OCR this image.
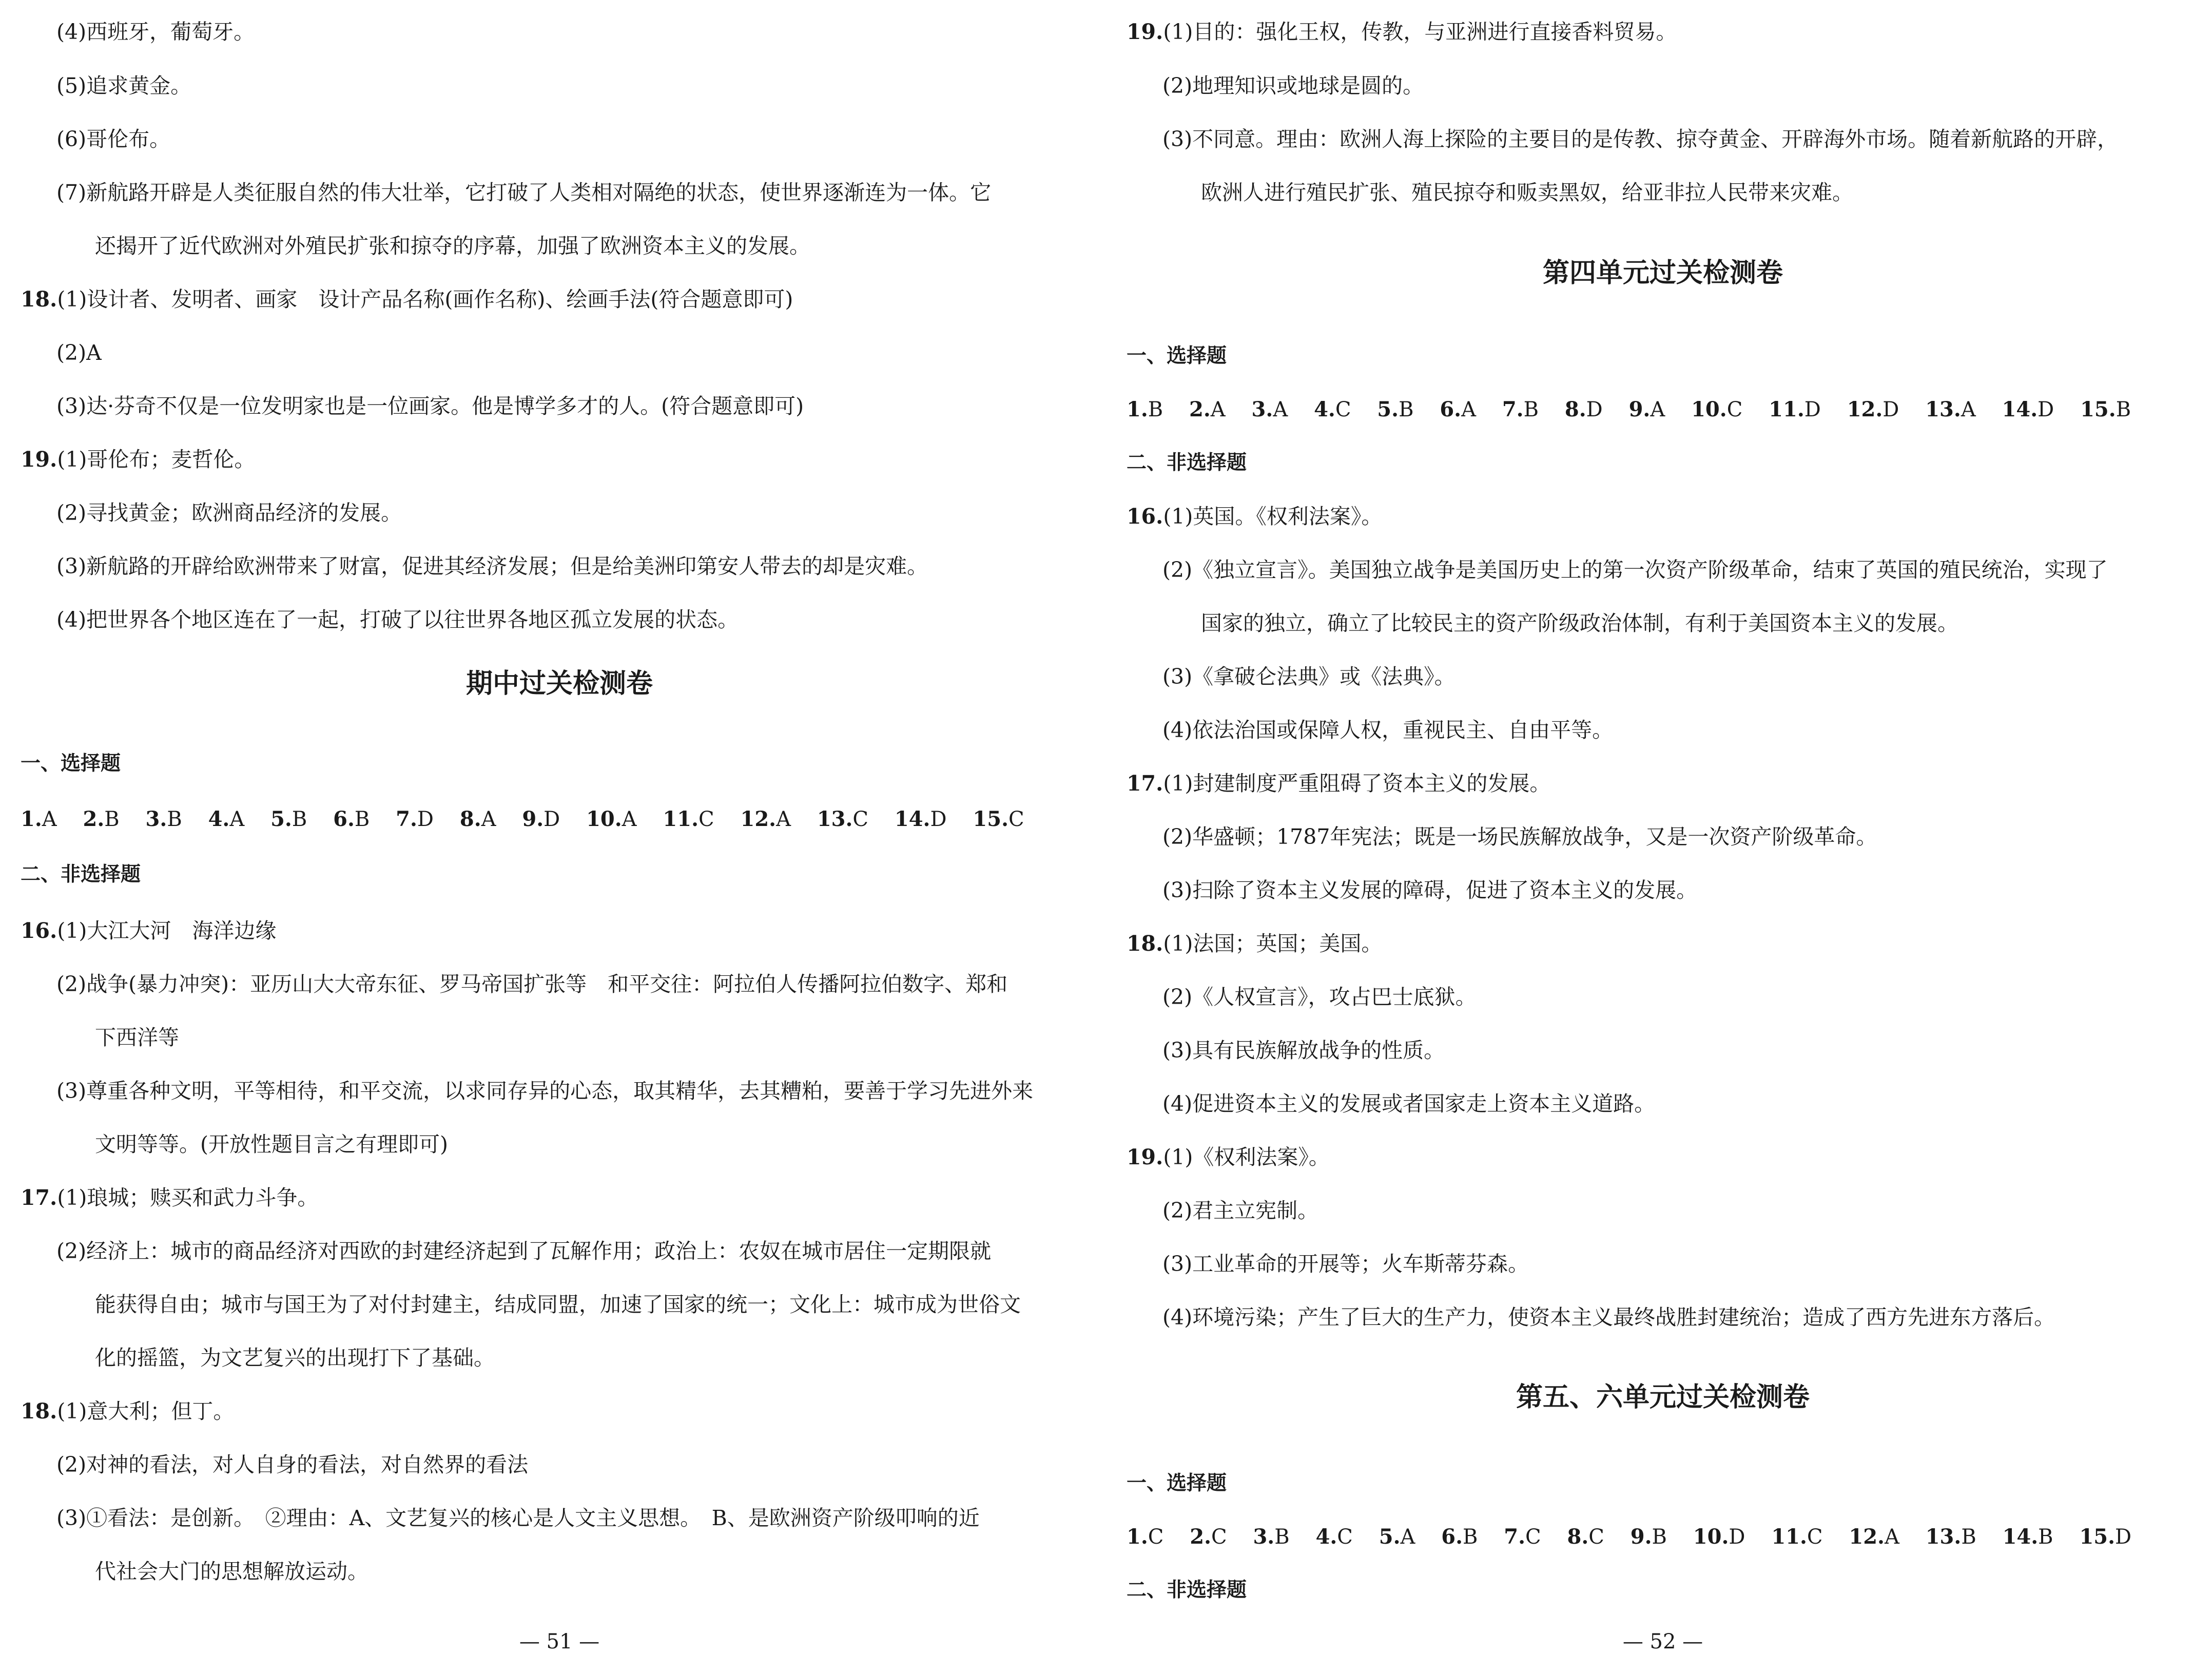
(4)西班牙，葡萄牙。
(5)追求黄金。
(6)哥伦布。
(7)新航路开辟是人类征服自然的伟大壮举，它打破了人类相对隔绝的状态，使世界逐渐连为一体。它
还揭开了近代欧洲对外殖民扩张和掠夺的序幕，加强了欧洲资本主义的发展。
18.(1)设计者、发明者、画家　设计产品名称(画作名称)、绘画手法(符合题意即可)
(2)A
(3)达·芬奇不仅是一位发明家也是一位画家。他是博学多才的人。(符合题意即可)
19.(1)哥伦布；麦哲伦。
(2)寻找黄金；欧洲商品经济的发展。
(3)新航路的开辟给欧洲带来了财富，促进其经济发展；但是给美洲印第安人带去的却是灾难。
(4)把世界各个地区连在了一起，打破了以往世界各地区孤立发展的状态。
期中过关检测卷
一、选择题
1.A 2.B 3.B 4.A 5.B 6.B 7.D 8.A 9.D 10.A 11.C 12.A 13.C 14.D 15.C
二、非选择题
16.(1)大江大河　海洋边缘
(2)战争(暴力冲突)：亚历山大大帝东征、罗马帝国扩张等　和平交往：阿拉伯人传播阿拉伯数字、郑和
下西洋等
(3)尊重各种文明，平等相待，和平交流，以求同存异的心态，取其精华，去其糟粕，要善于学习先进外来
文明等等。(开放性题目言之有理即可)
17.(1)琅城；赎买和武力斗争。
(2)经济上：城市的商品经济对西欧的封建经济起到了瓦解作用；政治上：农奴在城市居住一定期限就
能获得自由；城市与国王为了对付封建主，结成同盟，加速了国家的统一；文化上：城市成为世俗文
化的摇篮，为文艺复兴的出现打下了基础。
18.(1)意大利；但丁。
(2)对神的看法，对人自身的看法，对自然界的看法
(3)①看法：是创新。　②理由：A、文艺复兴的核心是人文主义思想。　B、是欧洲资产阶级叩响的近
代社会大门的思想解放运动。
— 51 —
19.(1)目的：强化王权，传教，与亚洲进行直接香料贸易。
(2)地理知识或地球是圆的。
(3)不同意。理由：欧洲人海上探险的主要目的是传教、掠夺黄金、开辟海外市场。随着新航路的开辟，
欧洲人进行殖民扩张、殖民掠夺和贩卖黑奴，给亚非拉人民带来灾难。
第四单元过关检测卷
一、选择题
1.B 2.A 3.A 4.C 5.B 6.A 7.B 8.D 9.A 10.C 11.D 12.D 13.A 14.D 15.B
二、非选择题
16.(1)英国。《权利法案》。
(2)《独立宣言》。美国独立战争是美国历史上的第一次资产阶级革命，结束了英国的殖民统治，实现了
国家的独立，确立了比较民主的资产阶级政治体制，有利于美国资本主义的发展。
(3)《拿破仑法典》或《法典》。
(4)依法治国或保障人权，重视民主、自由平等。
17.(1)封建制度严重阻碍了资本主义的发展。
(2)华盛顿；1787年宪法；既是一场民族解放战争，又是一次资产阶级革命。
(3)扫除了资本主义发展的障碍，促进了资本主义的发展。
18.(1)法国；英国；美国。
(2)《人权宣言》，攻占巴士底狱。
(3)具有民族解放战争的性质。
(4)促进资本主义的发展或者国家走上资本主义道路。
19.(1)《权利法案》。
(2)君主立宪制。
(3)工业革命的开展等；火车斯蒂芬森。
(4)环境污染；产生了巨大的生产力，使资本主义最终战胜封建统治；造成了西方先进东方落后。
第五、六单元过关检测卷
一、选择题
1.C 2.C 3.B 4.C 5.A 6.B 7.C 8.C 9.B 10.D 11.C 12.A 13.B 14.B 15.D
二、非选择题
— 52 —
